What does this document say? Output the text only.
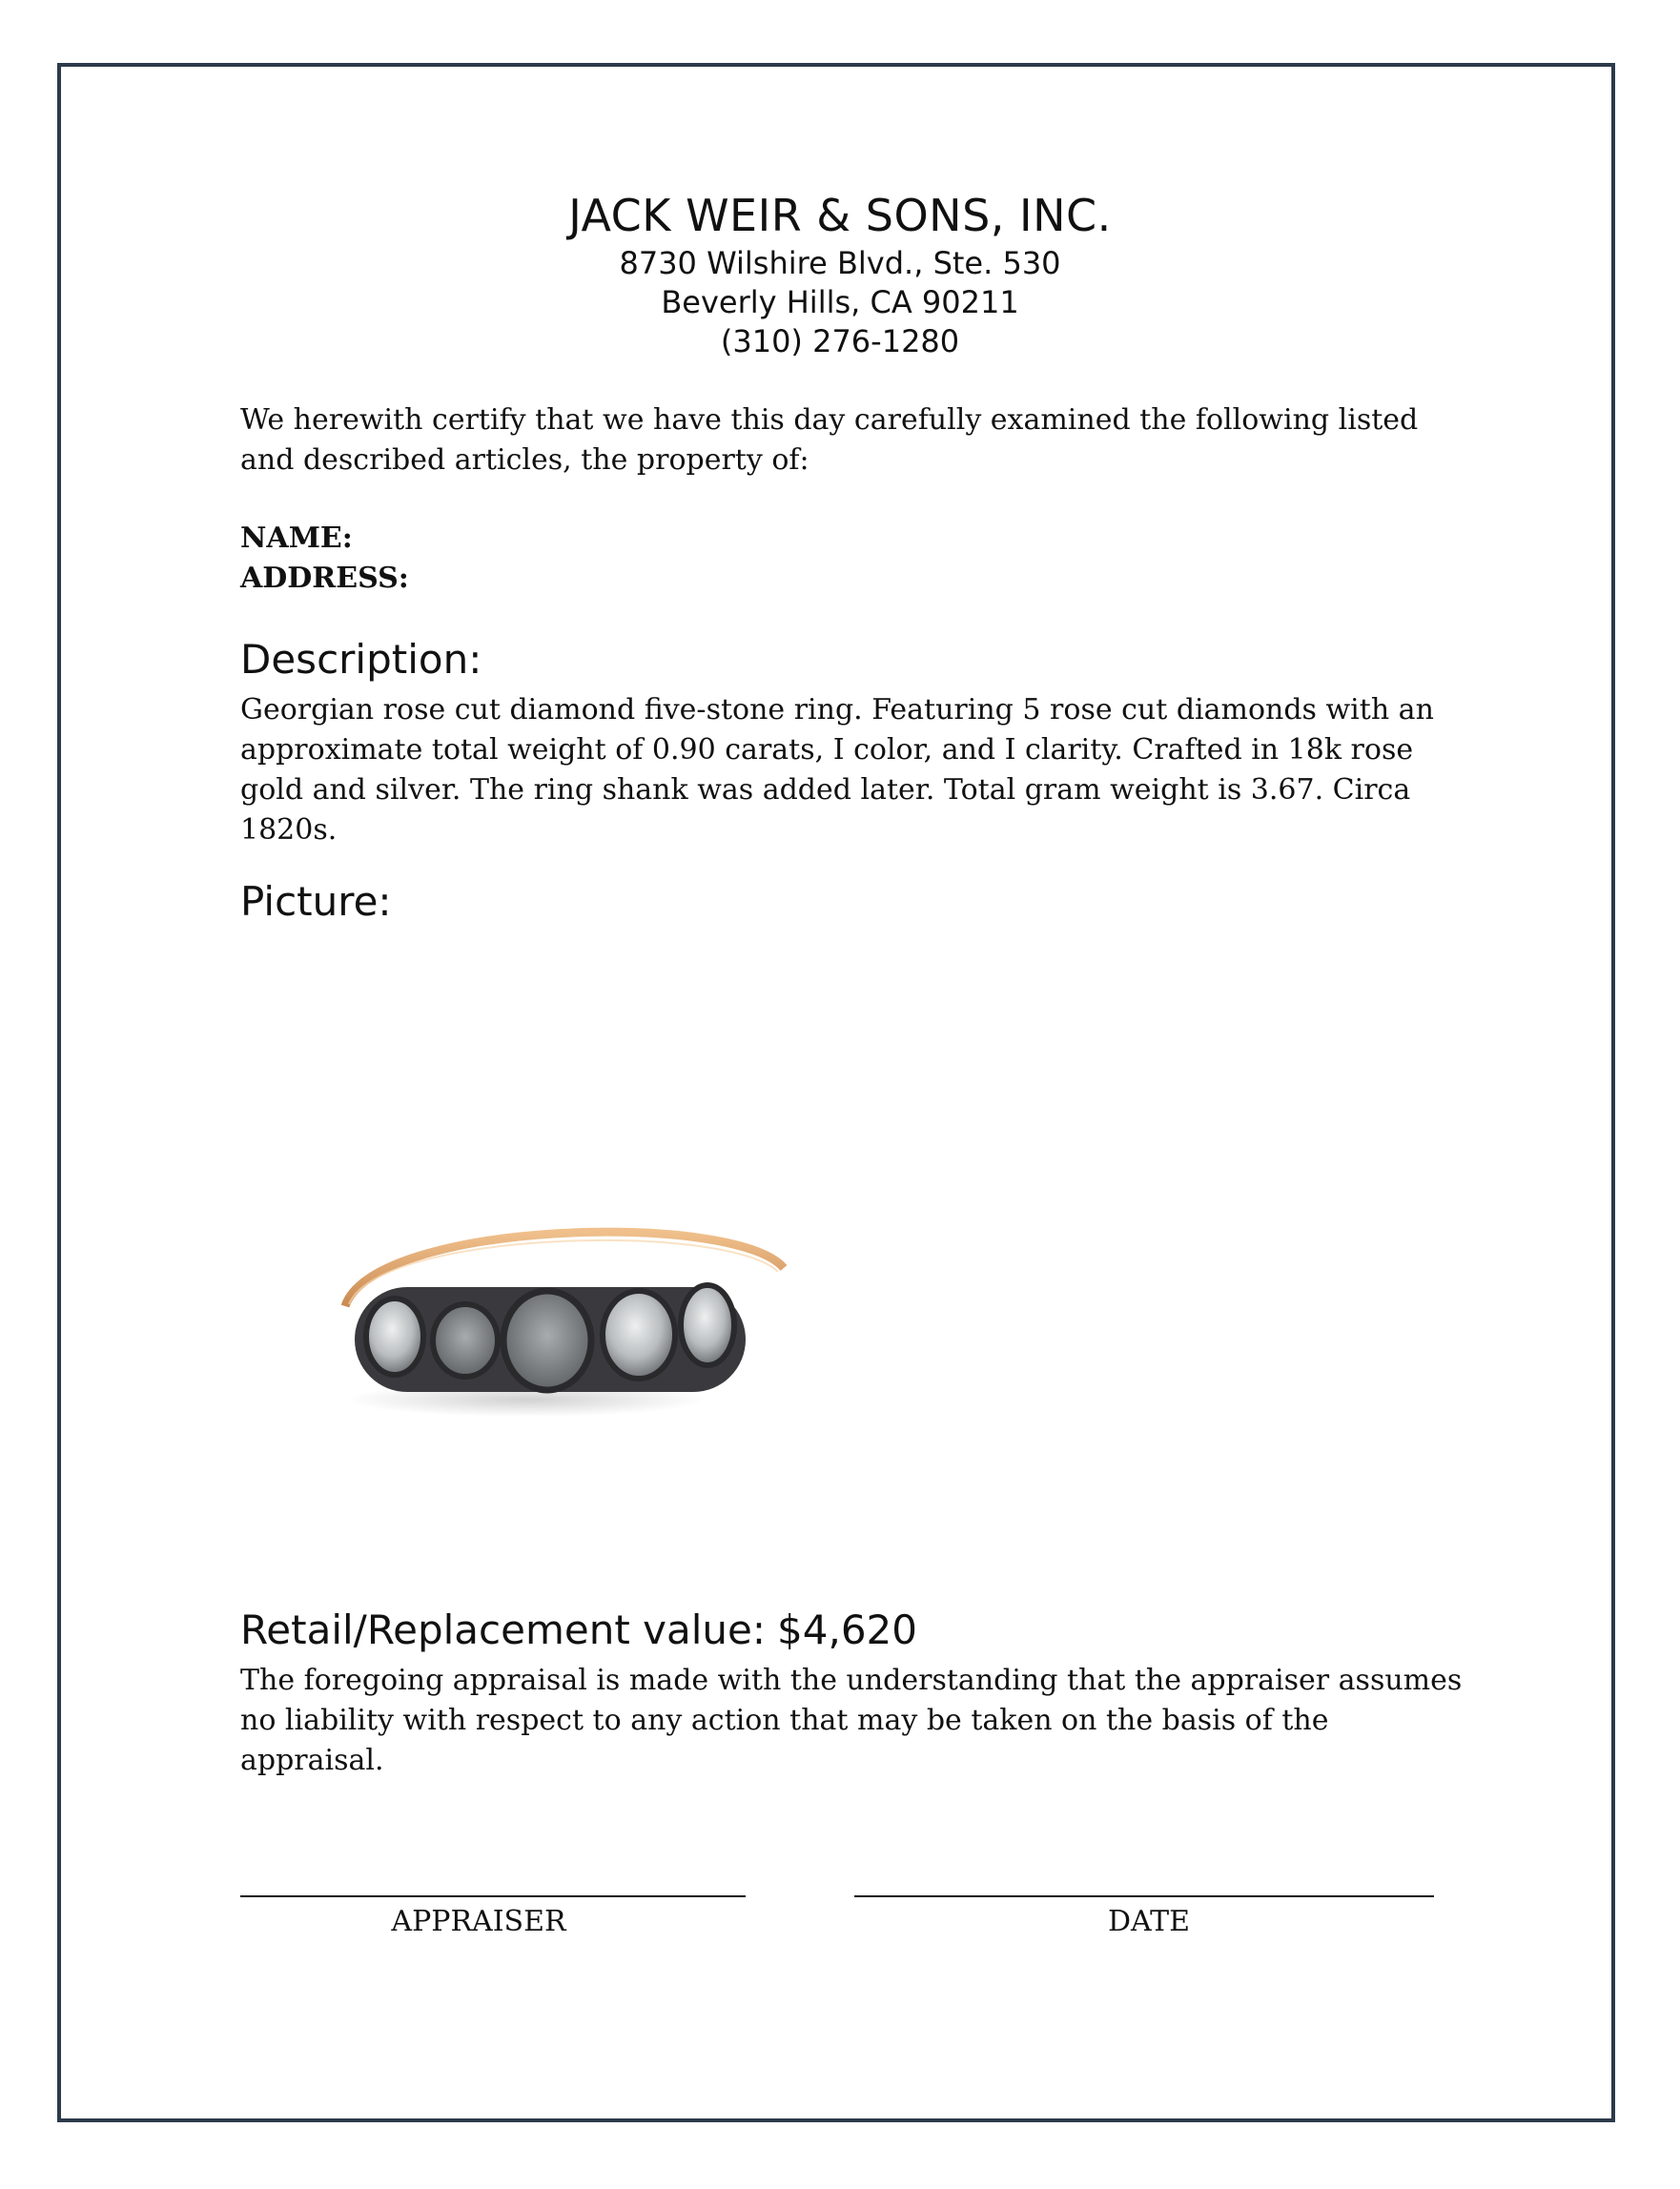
JACK WEIR & SONS, INC.
8730 Wilshire Blvd., Ste. 530
Beverly Hills, CA 90211
(310) 276-1280
We herewith certify that we have this day carefully examined the following listed and described articles, the property of:
NAME:
ADDRESS:
Description:
Georgian rose cut diamond five-stone ring. Featuring 5 rose cut diamonds with an approximate total weight of 0.90 carats, I color, and I clarity. Crafted in 18k rose gold and silver. The ring shank was added later. Total gram weight is 3.67. Circa 1820s.
Picture:
Retail/Replacement value: $4,620
The foregoing appraisal is made with the understanding that the appraiser assumes no liability with respect to any action that may be taken on the basis of the appraisal.
APPRAISER	DATE
